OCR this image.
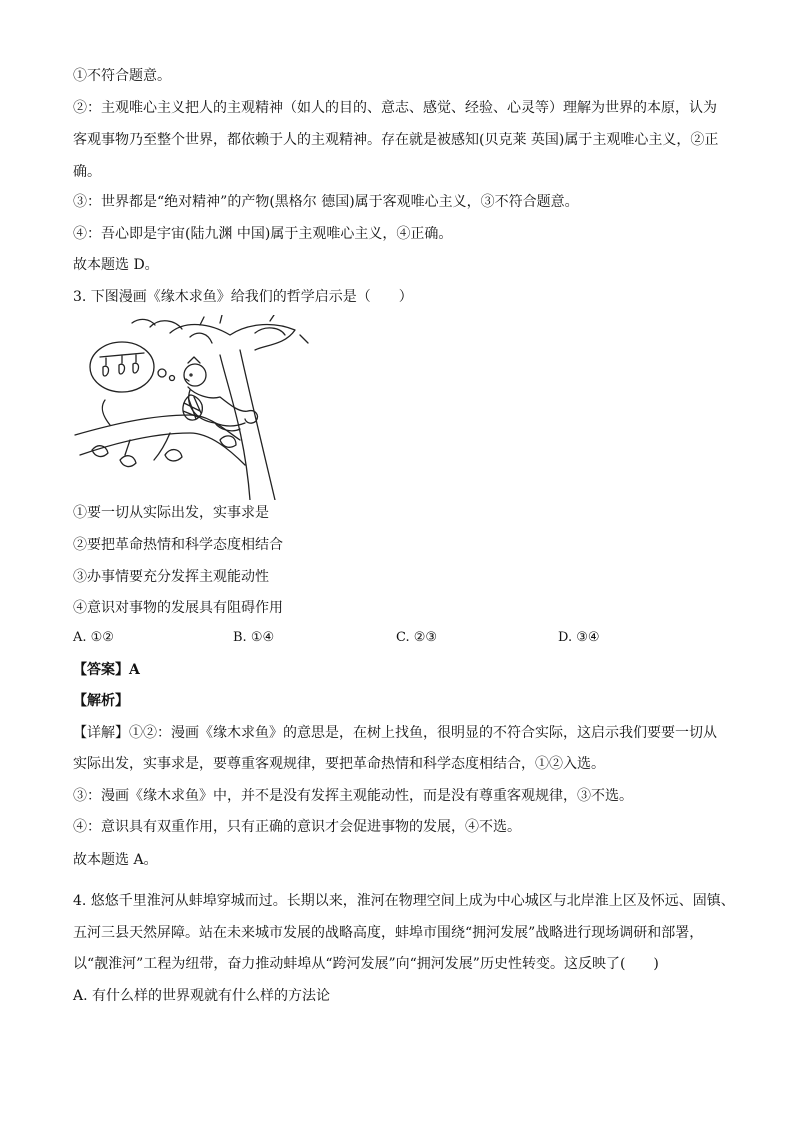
①不符合题意。
②：主观唯心主义把人的主观精神（如人的目的、意志、感觉、经验、心灵等）理解为世界的本原，认为
客观事物乃至整个世界，都依赖于人的主观精神。存在就是被感知(贝克莱 英国)属于主观唯心主义，②正
确。
③：世界都是“绝对精神”的产物(黑格尔 德国)属于客观唯心主义，③不符合题意。
④：吾心即是宇宙(陆九渊 中国)属于主观唯心主义，④正确。
故本题选 D。
3. 下图漫画《缘木求鱼》给我们的哲学启示是（　　）
①要一切从实际出发，实事求是
②要把革命热情和科学态度相结合
③办事情要充分发挥主观能动性
④意识对事物的发展具有阻碍作用
A. ①②	B. ①④	C. ②③	D. ③④
【答案】A
【解析】
【详解】①②：漫画《缘木求鱼》的意思是，在树上找鱼，很明显的不符合实际，这启示我们要要一切从
实际出发，实事求是，要尊重客观规律，要把革命热情和科学态度相结合，①②入选。
③：漫画《缘木求鱼》中，并不是没有发挥主观能动性，而是没有尊重客观规律，③不选。
④：意识具有双重作用，只有正确的意识才会促进事物的发展，④不选。
故本题选 A。
4. 悠悠千里淮河从蚌埠穿城而过。长期以来，淮河在物理空间上成为中心城区与北岸淮上区及怀远、固镇、
五河三县天然屏障。站在未来城市发展的战略高度，蚌埠市围绕“拥河发展”战略进行现场调研和部署，
以“靓淮河”工程为纽带，奋力推动蚌埠从“跨河发展”向“拥河发展”历史性转变。这反映了(　　)
A. 有什么样的世界观就有什么样的方法论
